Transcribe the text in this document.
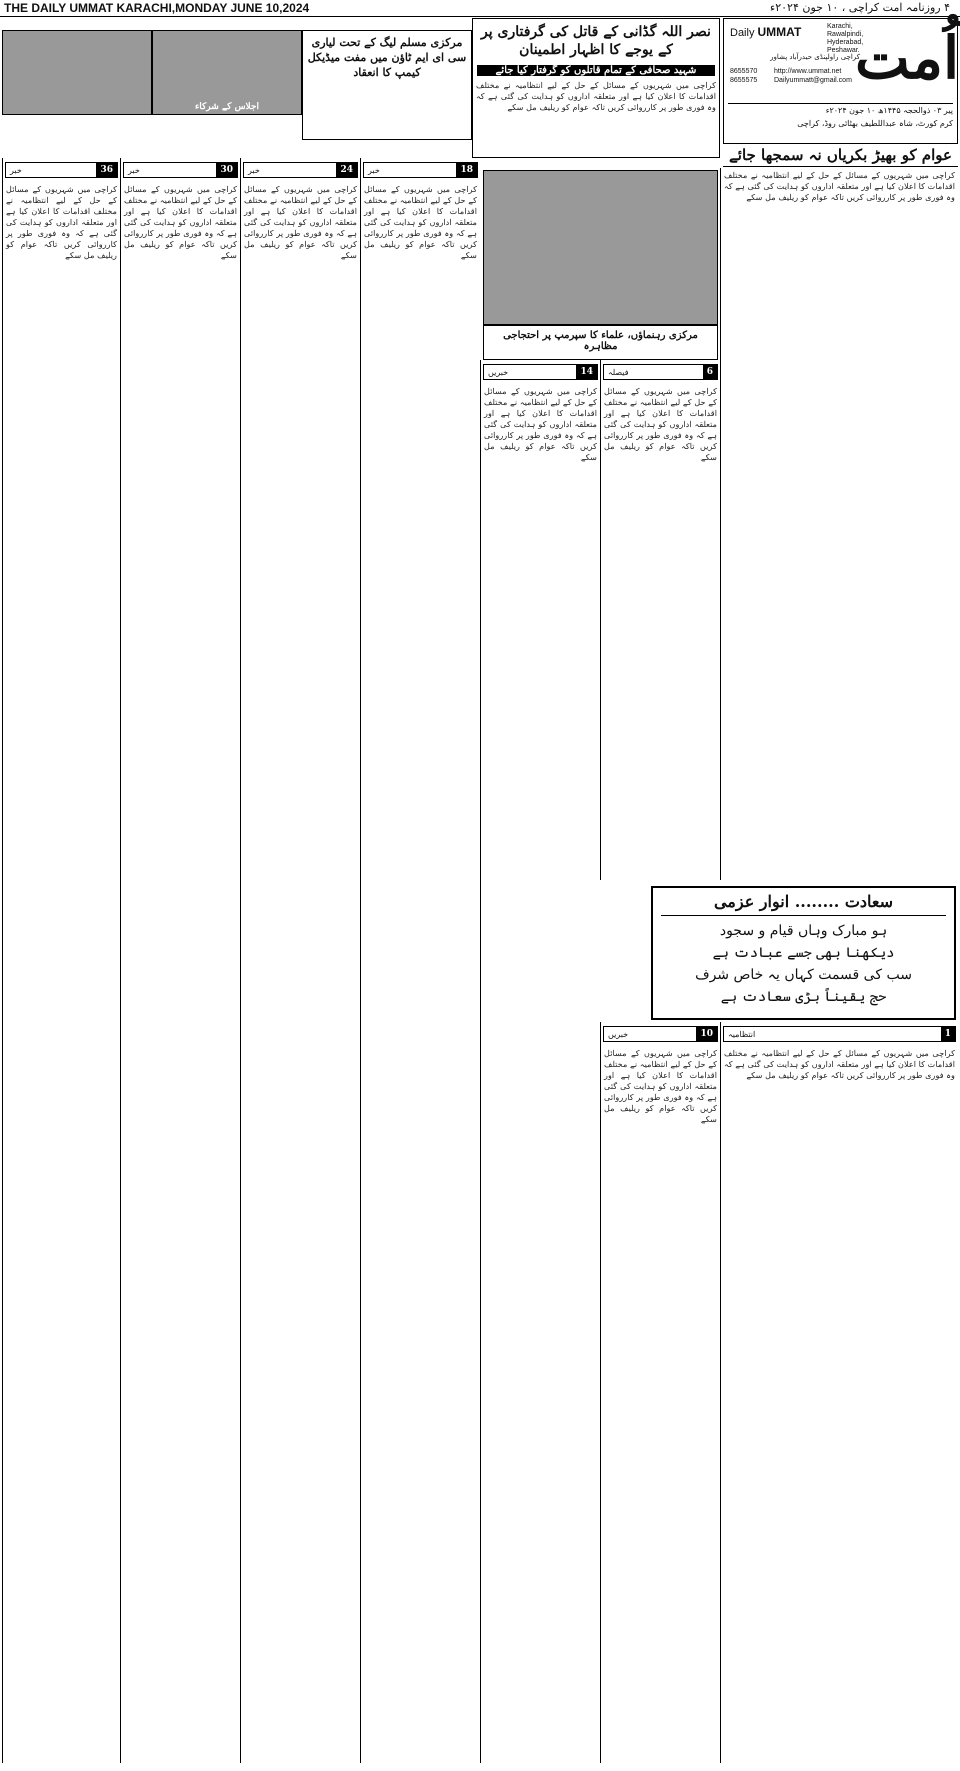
THE DAILY UMMAT KARACHI,MONDAY JUNE 10,2024	۴ روزنامہ امت کراچی ، ۱۰ جون ۲۰۲۴ء
Daily UMMAT	Karachi,
Rawalpindi,
Hyderabad,
Peshawar.
کراچی راولپنڈی حیدرآباد پشاور
8655570
8655575
http://www.ummat.net
Dailyummatt@gmail.com اُمت
پیر ۰۳ ذوالحجہ ۱۴۴۵ھ ۱۰ جون ۲۰۲۴ء
کرم کورٹ، شاہ عبداللطیف بھٹائی روڈ، کراچی
عوام کو بھیڑ بکریاں نہ سمجھا جائے
نصر اللہ گڈانی کے قاتل کی گرفتاری پر کے یوجے کا اظہار اطمینان
شہید صحافی کے تمام قاتلوں کو گرفتار کیا جائے
کراچی میں شہریوں کے مسائل کے حل کے لیے انتظامیہ نے مختلف اقدامات کا اعلان کیا ہے اور متعلقہ اداروں کو ہدایت کی گئی ہے کہ وہ فوری طور پر کارروائی کریں تاکہ عوام کو ریلیف مل سکے
اجلاس کے شرکاء
مرکزی مسلم لیگ کے تحت لیاری سی ای ایم ٹاؤن میں مفت میڈیکل کیمپ کا انعقاد
مرکزی رہنماؤں، علماء کا سپرمپ پر احتجاجی مظاہرہ
36
خبر
کراچی میں شہریوں کے مسائل کے حل کے لیے انتظامیہ نے مختلف اقدامات کا اعلان کیا ہے اور متعلقہ اداروں کو ہدایت کی گئی ہے کہ وہ فوری طور پر کارروائی کریں تاکہ عوام کو ریلیف مل سکے
30
خبر
کراچی میں شہریوں کے مسائل کے حل کے لیے انتظامیہ نے مختلف اقدامات کا اعلان کیا ہے اور متعلقہ اداروں کو ہدایت کی گئی ہے کہ وہ فوری طور پر کارروائی کریں تاکہ عوام کو ریلیف مل سکے
24
خبر
کراچی میں شہریوں کے مسائل کے حل کے لیے انتظامیہ نے مختلف اقدامات کا اعلان کیا ہے اور متعلقہ اداروں کو ہدایت کی گئی ہے کہ وہ فوری طور پر کارروائی کریں تاکہ عوام کو ریلیف مل سکے
18
خبر
کراچی میں شہریوں کے مسائل کے حل کے لیے انتظامیہ نے مختلف اقدامات کا اعلان کیا ہے اور متعلقہ اداروں کو ہدایت کی گئی ہے کہ وہ فوری طور پر کارروائی کریں تاکہ عوام کو ریلیف مل سکے
14
خبریں
کراچی میں شہریوں کے مسائل کے حل کے لیے انتظامیہ نے مختلف اقدامات کا اعلان کیا ہے اور متعلقہ اداروں کو ہدایت کی گئی ہے کہ وہ فوری طور پر کارروائی کریں تاکہ عوام کو ریلیف مل سکے
6
فیصلہ
کراچی میں شہریوں کے مسائل کے حل کے لیے انتظامیہ نے مختلف اقدامات کا اعلان کیا ہے اور متعلقہ اداروں کو ہدایت کی گئی ہے کہ وہ فوری طور پر کارروائی کریں تاکہ عوام کو ریلیف مل سکے
کراچی میں شہریوں کے مسائل کے حل کے لیے انتظامیہ نے مختلف اقدامات کا اعلان کیا ہے اور متعلقہ اداروں کو ہدایت کی گئی ہے کہ وہ فوری طور پر کارروائی کریں تاکہ عوام کو ریلیف مل سکے
سعادت ........ انوار عزمی
ہو مبارک وہاں قیام و سجود
دیکھنا بھی جسے عبادت ہے
سب کی قسمت کہاں یہ خاص شرف
حج یقیناً بڑی سعادت ہے
10
خبریں
کراچی میں شہریوں کے مسائل کے حل کے لیے انتظامیہ نے مختلف اقدامات کا اعلان کیا ہے اور متعلقہ اداروں کو ہدایت کی گئی ہے کہ وہ فوری طور پر کارروائی کریں تاکہ عوام کو ریلیف مل سکے
1
انتظامیہ
کراچی میں شہریوں کے مسائل کے حل کے لیے انتظامیہ نے مختلف اقدامات کا اعلان کیا ہے اور متعلقہ اداروں کو ہدایت کی گئی ہے کہ وہ فوری طور پر کارروائی کریں تاکہ عوام کو ریلیف مل سکے
